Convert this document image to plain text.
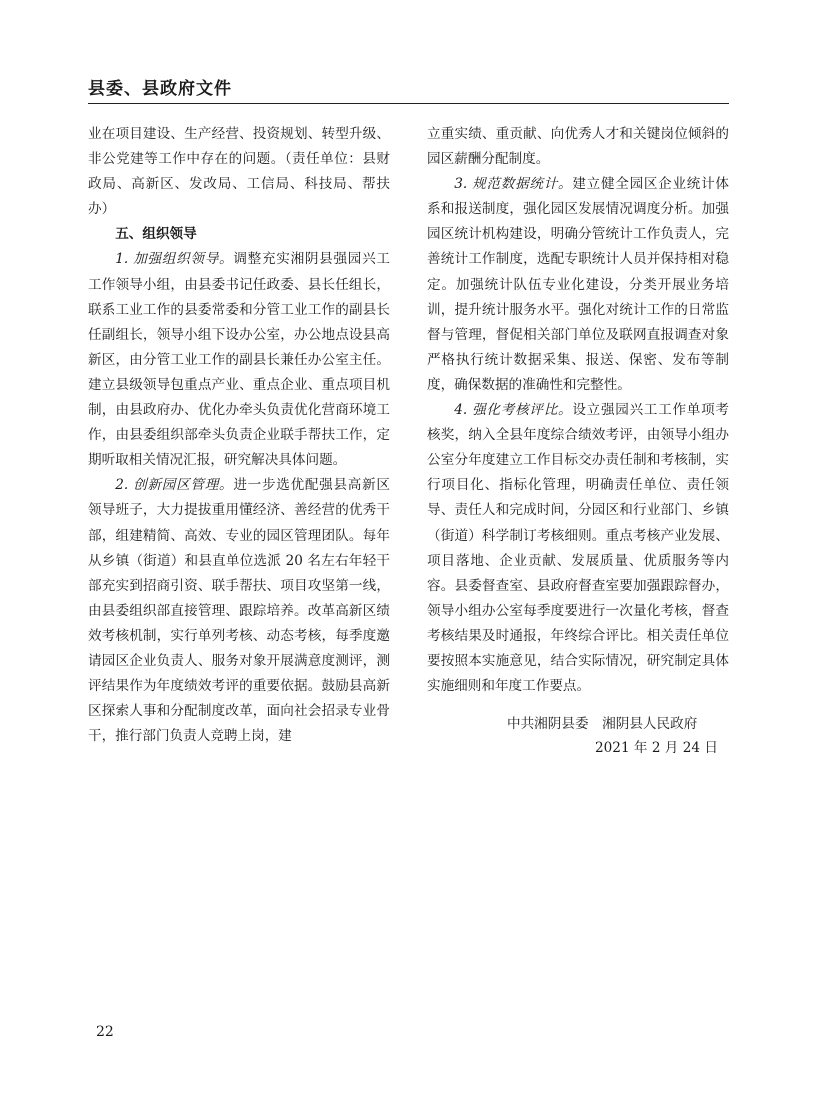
县委、县政府文件

业在项目建设、生产经营、投资规划、转型升级、非公党建等工作中存在的问题。（责任单位：县财政局、高新区、发改局、工信局、科技局、帮扶办）

五、组织领导

1. 加强组织领导。调整充实湘阴县强园兴工工作领导小组，由县委书记任政委、县长任组长，联系工业工作的县委常委和分管工业工作的副县长任副组长，领导小组下设办公室，办公地点设县高新区，由分管工业工作的副县长兼任办公室主任。建立县级领导包重点产业、重点企业、重点项目机制，由县政府办、优化办牵头负责优化营商环境工作，由县委组织部牵头负责企业联手帮扶工作，定期听取相关情况汇报，研究解决具体问题。

2. 创新园区管理。进一步选优配强县高新区领导班子，大力提拔重用懂经济、善经营的优秀干部，组建精简、高效、专业的园区管理团队。每年从乡镇（街道）和县直单位选派 20 名左右年轻干部充实到招商引资、联手帮扶、项目攻坚第一线，由县委组织部直接管理、跟踪培养。改革高新区绩效考核机制，实行单列考核、动态考核，每季度邀请园区企业负责人、服务对象开展满意度测评，测评结果作为年度绩效考评的重要依据。鼓励县高新区探索人事和分配制度改革，面向社会招录专业骨干，推行部门负责人竞聘上岗，建

立重实绩、重贡献、向优秀人才和关键岗位倾斜的园区薪酬分配制度。

3. 规范数据统计。建立健全园区企业统计体系和报送制度，强化园区发展情况调度分析。加强园区统计机构建设，明确分管统计工作负责人，完善统计工作制度，选配专职统计人员并保持相对稳定。加强统计队伍专业化建设，分类开展业务培训，提升统计服务水平。强化对统计工作的日常监督与管理，督促相关部门单位及联网直报调查对象严格执行统计数据采集、报送、保密、发布等制度，确保数据的准确性和完整性。

4. 强化考核评比。设立强园兴工工作单项考核奖，纳入全县年度综合绩效考评，由领导小组办公室分年度建立工作目标交办责任制和考核制，实行项目化、指标化管理，明确责任单位、责任领导、责任人和完成时间，分园区和行业部门、乡镇（街道）科学制订考核细则。重点考核产业发展、项目落地、企业贡献、发展质量、优质服务等内容。县委督查室、县政府督查室要加强跟踪督办，领导小组办公室每季度要进行一次量化考核，督查考核结果及时通报，年终综合评比。相关责任单位要按照本实施意见，结合实际情况，研究制定具体实施细则和年度工作要点。

中共湘阴县委　湘阴县人民政府

2021 年 2 月 24 日

22
